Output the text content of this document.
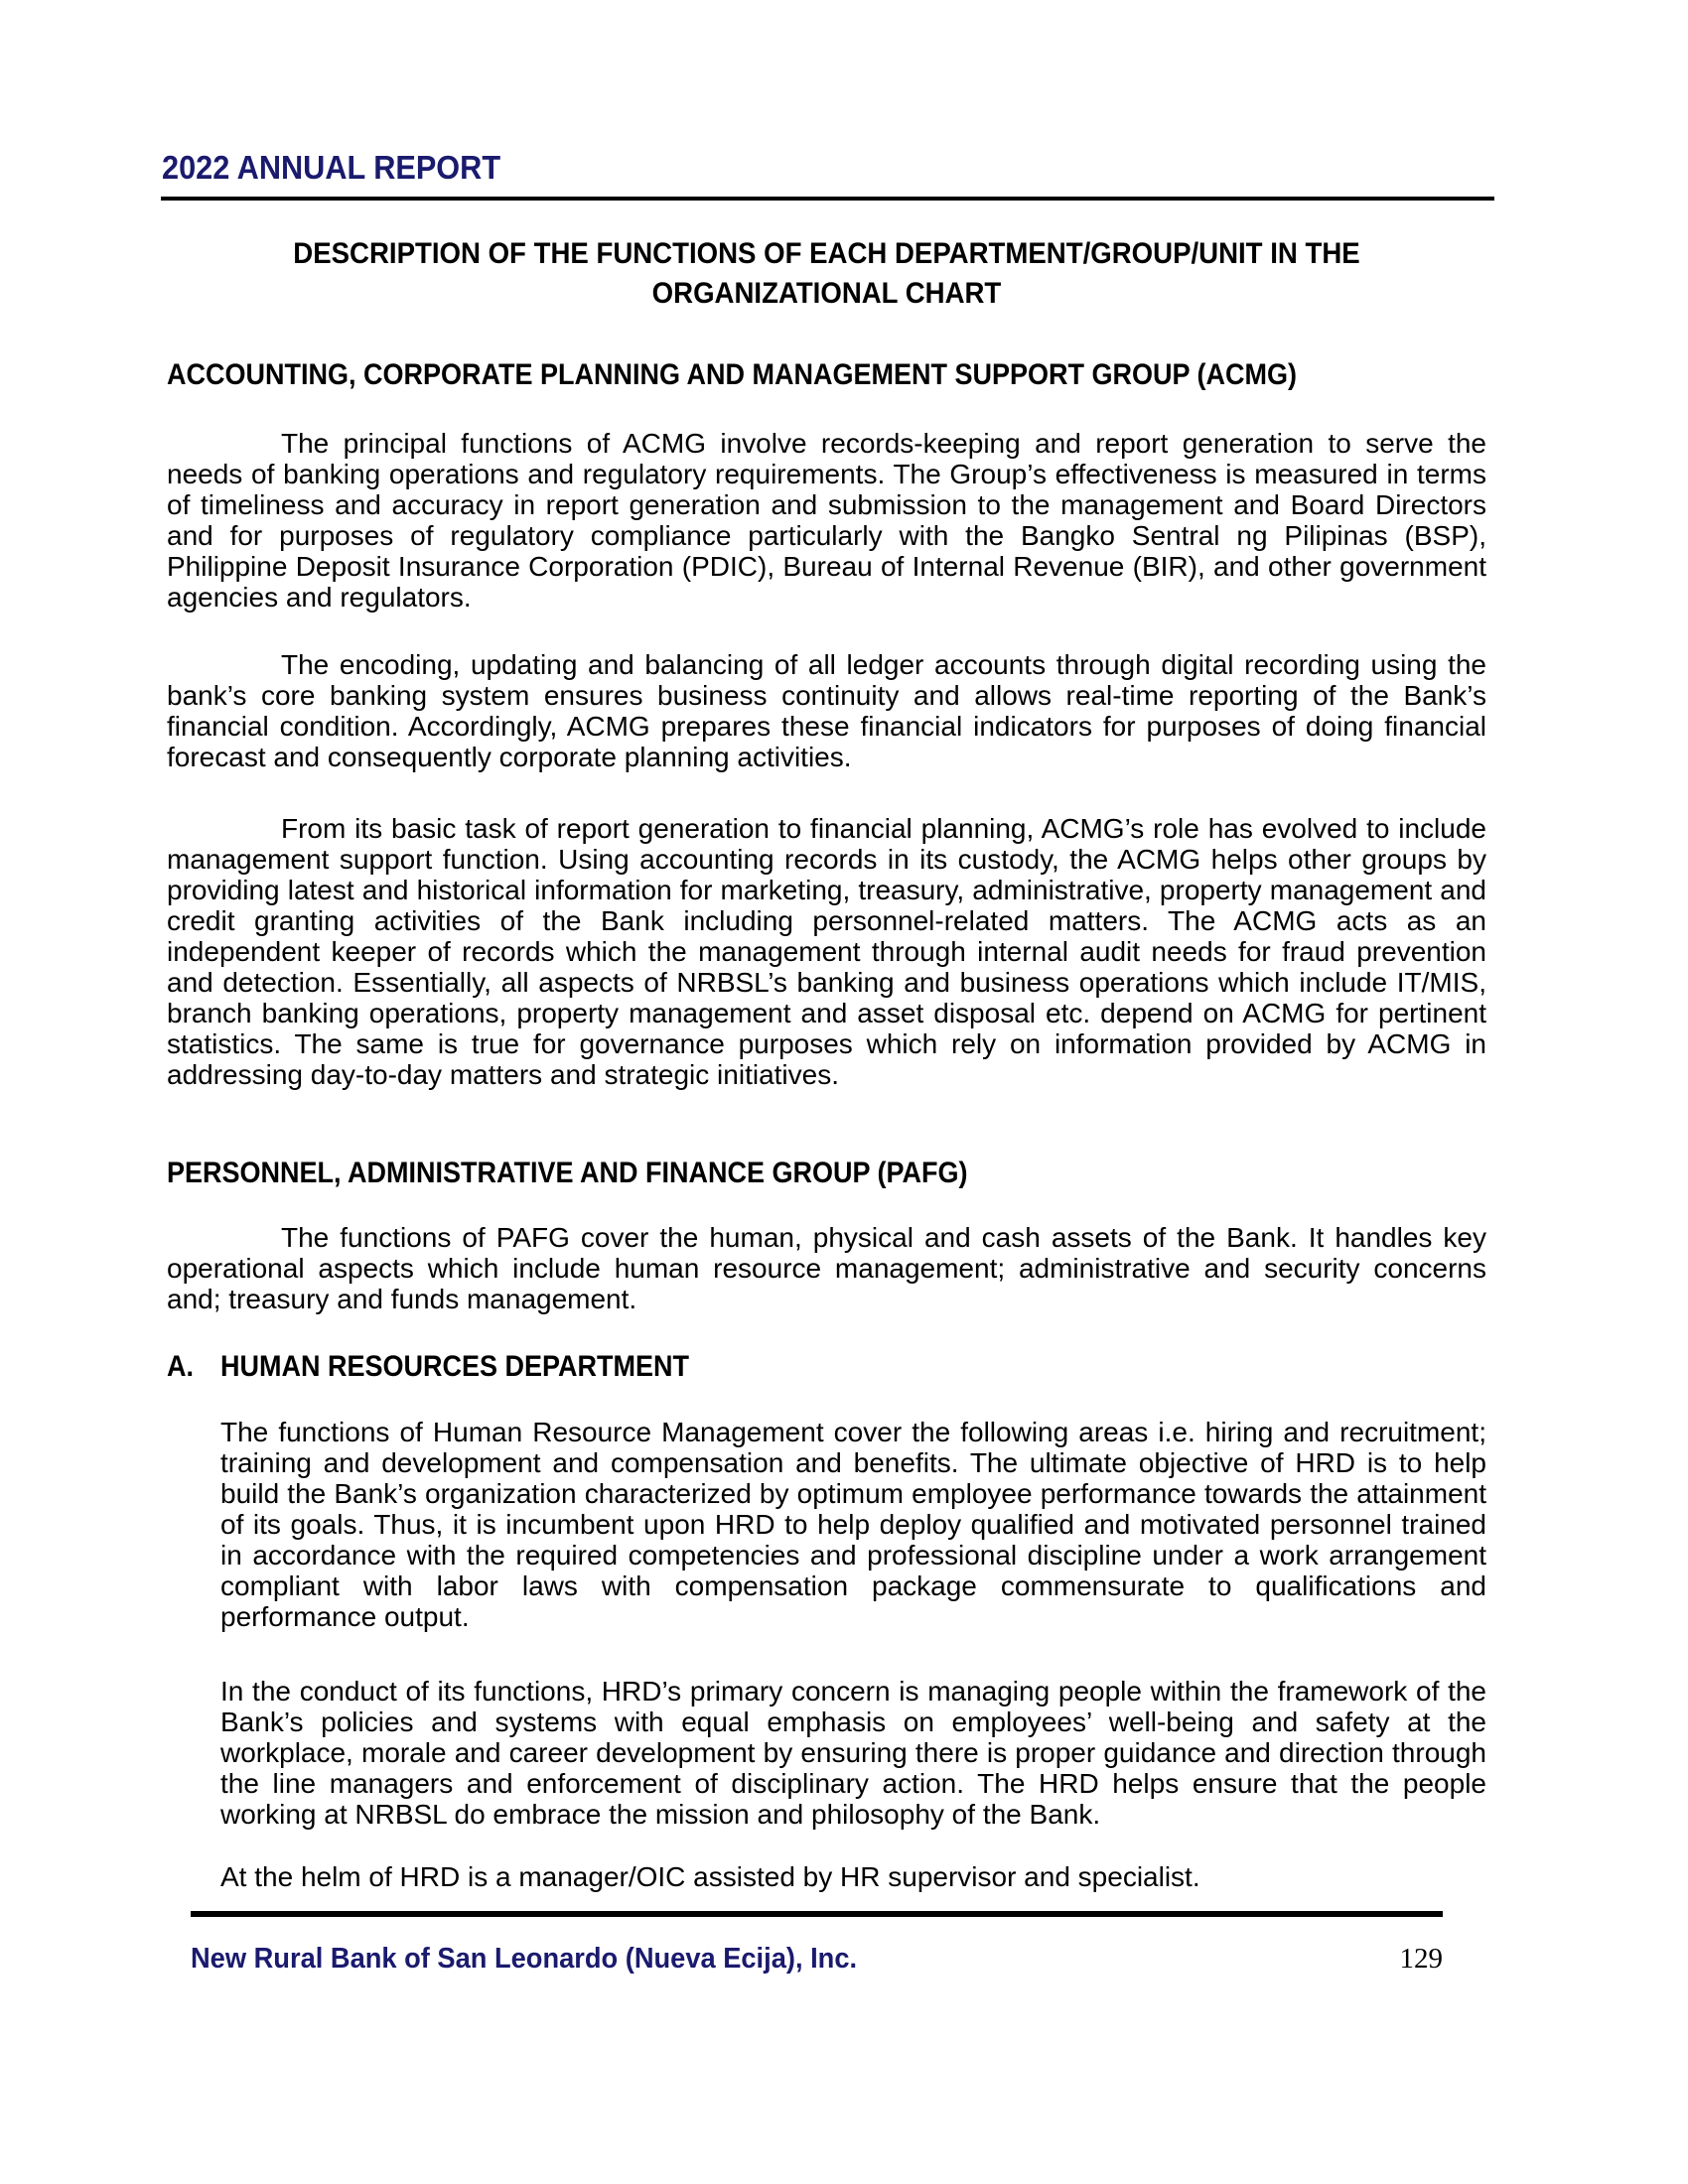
2022 ANNUAL REPORT
DESCRIPTION OF THE FUNCTIONS OF EACH DEPARTMENT/GROUP/UNIT IN THE
ORGANIZATIONAL CHART
ACCOUNTING, CORPORATE PLANNING AND MANAGEMENT SUPPORT GROUP (ACMG)

The principal functions of ACMG involve records-keeping and report generation to serve the needs of banking operations and regulatory requirements. The Group’s effectiveness is measured in terms of timeliness and accuracy in report generation and submission to the management and Board Directors and for purposes of regulatory compliance particularly with the Bangko Sentral ng Pilipinas (BSP), Philippine Deposit Insurance Corporation (PDIC), Bureau of Internal Revenue (BIR), and other government agencies and regulators.

The encoding, updating and balancing of all ledger accounts through digital recording using the bank’s core banking system ensures business continuity and allows real-time reporting of the Bank’s financial condition. Accordingly, ACMG prepares these financial indicators for purposes of doing financial forecast and consequently corporate planning activities.

From its basic task of report generation to financial planning, ACMG’s role has evolved to include management support function. Using accounting records in its custody, the ACMG helps other groups by providing latest and historical information for marketing, treasury, administrative, property management and credit granting activities of the Bank including personnel-related matters. The ACMG acts as an independent keeper of records which the management through internal audit needs for fraud prevention and detection. Essentially, all aspects of NRBSL’s banking and business operations which include IT/MIS, branch banking operations, property management and asset disposal etc. depend on ACMG for pertinent statistics. The same is true for governance purposes which rely on information provided by ACMG in addressing day-to-day matters and strategic initiatives.

PERSONNEL, ADMINISTRATIVE AND FINANCE GROUP (PAFG)

The functions of PAFG cover the human, physical and cash assets of the Bank. It handles key operational aspects which include human resource management; administrative and security concerns and; treasury and funds management.

A. HUMAN RESOURCES DEPARTMENT

The functions of Human Resource Management cover the following areas i.e. hiring and recruitment; training and development and compensation and benefits. The ultimate objective of HRD is to help build the Bank’s organization characterized by optimum employee performance towards the attainment of its goals. Thus, it is incumbent upon HRD to help deploy qualified and motivated personnel trained in accordance with the required competencies and professional discipline under a work arrangement compliant with labor laws with compensation package commensurate to qualifications and performance output.

In the conduct of its functions, HRD’s primary concern is managing people within the framework of the Bank’s policies and systems with equal emphasis on employees’ well-being and safety at the workplace, morale and career development by ensuring there is proper guidance and direction through the line managers and enforcement of disciplinary action. The HRD helps ensure that the people working at NRBSL do embrace the mission and philosophy of the Bank.

At the helm of HRD is a manager/OIC assisted by HR supervisor and specialist.

New Rural Bank of San Leonardo (Nueva Ecija), Inc.	129
